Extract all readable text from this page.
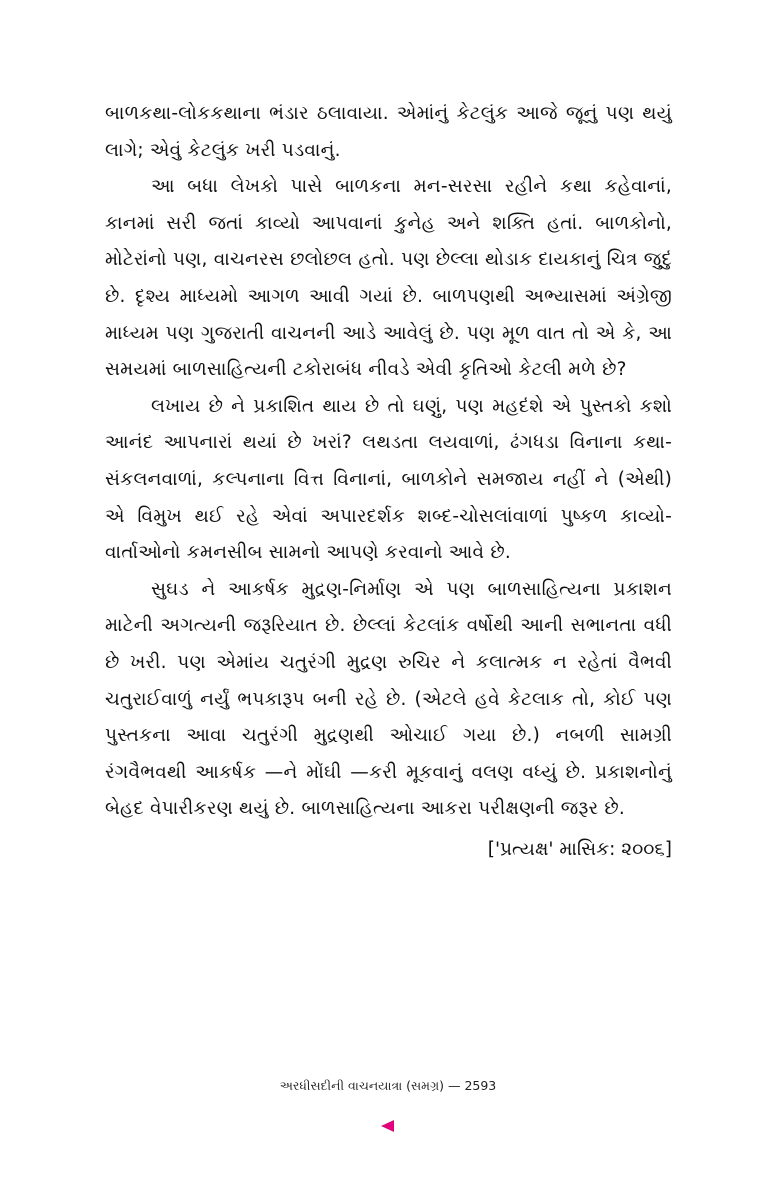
બાળકથા-લોકકથાના ભંડાર ઠલાવાયા. એમાંનું કેટલુંક આજે જૂનું પણ થયું લાગે; એવું કેટલુંક ખરી પડવાનું.

આ બધા લેખકો પાસે બાળકના મન-સરસા રહીને કથા કહેવાનાં, કાનમાં સરી જતાં કાવ્યો આપવાનાં કુનેહ અને શક્તિ હતાં. બાળકોનો, મોટેરાંનો પણ, વાચનરસ છલોછલ હતો. પણ છેલ્લા થોડાક દાયકાનું ચિત્ર જુદું છે. દૃશ્ય માધ્યમો આગળ આવી ગયાં છે. બાળપણથી અભ્યાસમાં અંગ્રેજી માધ્યમ પણ ગુજરાતી વાચનની આડે આવેલું છે. પણ મૂળ વાત તો એ કે, આ સમયમાં બાળસાહિત્યની ટકોરાબંધ નીવડે એવી કૃતિઓ કેટલી મળે છે?

લખાય છે ને પ્રકાશિત થાય છે તો ઘણું, પણ મહદંશે એ પુસ્તકો કશો આનંદ આપનારાં થયાં છે ખરાં? લથડતા લયવાળાં, ઢંગધડા વિનાના કથા-સંકલનવાળાં, કલ્પનાના વિત્ત વિનાનાં, બાળકોને સમજાય નહીં ને (એથી) એ વિમુખ થઈ રહે એવાં અપારદર્શક શબ્દ-ચોસલાંવાળાં પુષ્કળ કાવ્યો-વાર્તાઓનો કમનસીબ સામનો આપણે કરવાનો આવે છે.

સુઘડ ને આકર્ષક મુદ્રણ-નિર્માણ એ પણ બાળસાહિત્યના પ્રકાશન માટેની અગત્યની જરૂરિયાત છે. છેલ્લાં કેટલાંક વર્ષોથી આની સભાનતા વધી છે ખરી. પણ એમાંય ચતુરંગી મુદ્રણ રુચિર ને કલાત્મક ન રહેતાં વૈભવી ચતુરાઈવાળું નર્યું ભપકારૂપ બની રહે છે. (એટલે હવે કેટલાક તો, કોઈ પણ પુસ્તકના આવા ચતુરંગી મુદ્રણથી ઓચાઈ ગયા છે.) નબળી સામગ્રી રંગવૈભવથી આકર્ષક —ને મોંઘી —કરી મૂકવાનું વલણ વધ્યું છે. પ્રકાશનોનું બેહદ વેપારીકરણ થયું છે. બાળસાહિત્યના આકરા પરીક્ષણની જરૂર છે.

['પ્રત્યક્ષ' માસિક: ૨૦૦૬]

અરધીસદીની વાચનયાત્રા (સમગ્ર) — 2593
